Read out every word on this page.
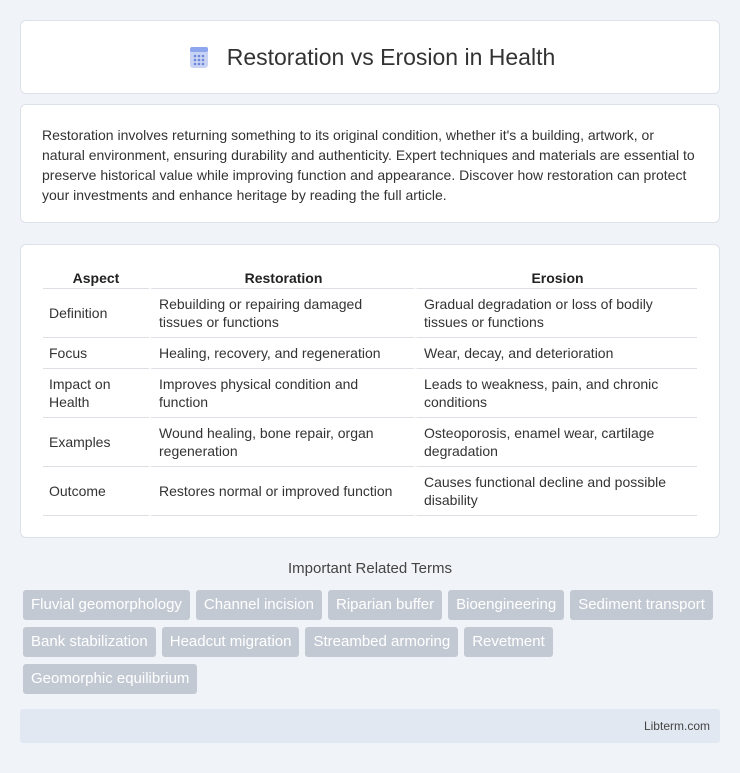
Restoration vs Erosion in Health

Restoration involves returning something to its original condition, whether it's a building, artwork, or natural environment, ensuring durability and authenticity. Expert techniques and materials are essential to preserve historical value while improving function and appearance. Discover how restoration can protect your investments and enhance heritage by reading the full article.

Aspect	Restoration	Erosion
Definition	Rebuilding or repairing damaged tissues or functions	Gradual degradation or loss of bodily tissues or functions
Focus	Healing, recovery, and regeneration	Wear, decay, and deterioration
Impact on Health	Improves physical condition and function	Leads to weakness, pain, and chronic conditions
Examples	Wound healing, bone repair, organ regeneration	Osteoporosis, enamel wear, cartilage degradation
Outcome	Restores normal or improved function	Causes functional decline and possible disability
Important Related Terms
Fluvial geomorphology	Channel incision	Riparian buffer	Bioengineering	Sediment transport
Bank stabilization	Headcut migration	Streambed armoring	Revetment
Geomorphic equilibrium
Libterm.com
